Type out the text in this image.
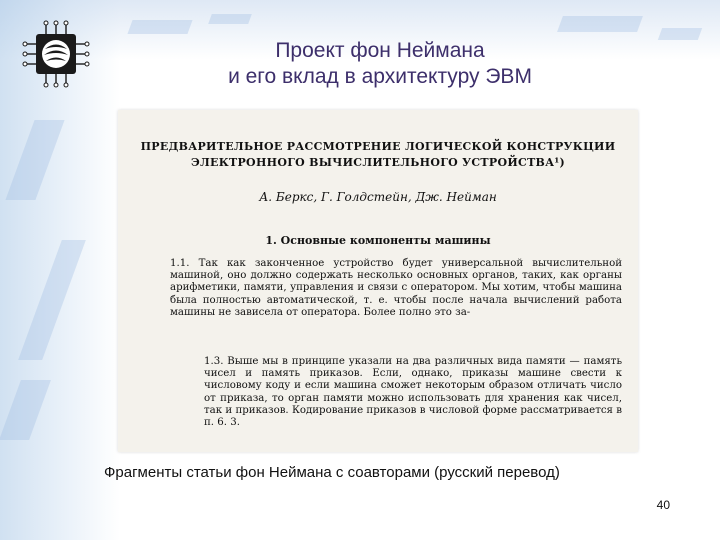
Проект фон Неймана
и его вклад в архитектуру ЭВМ
ПРЕДВАРИТЕЛЬНОЕ РАССМОТРЕНИЕ ЛОГИЧЕСКОЙ КОНСТРУКЦИИ
ЭЛЕКТРОННОГО ВЫЧИСЛИТЕЛЬНОГО УСТРОЙСТВА¹)
А. Беркс, Г. Голдстейн, Дж. Нейман
1. Основные компоненты машины
1.1. Так как законченное устройство будет универсальной вычислительной машиной, оно должно содержать несколько основных органов, таких, как органы арифметики, памяти, управления и связи с оператором. Мы хотим, чтобы машина была полностью автоматической, т. е. чтобы после начала вычислений работа машины не зависела от оператора. Более полно это за-
1.3. Выше мы в принципе указали на два различных вида памяти — память чисел и память приказов. Если, однако, приказы машине свести к числовому коду и если машина сможет некоторым образом отличать число от приказа, то орган памяти можно использовать для хранения как чисел, так и приказов. Кодирование приказов в числовой форме рассматривается в п. 6. 3.
Фрагменты статьи фон Неймана с соавторами (русский перевод)
40
